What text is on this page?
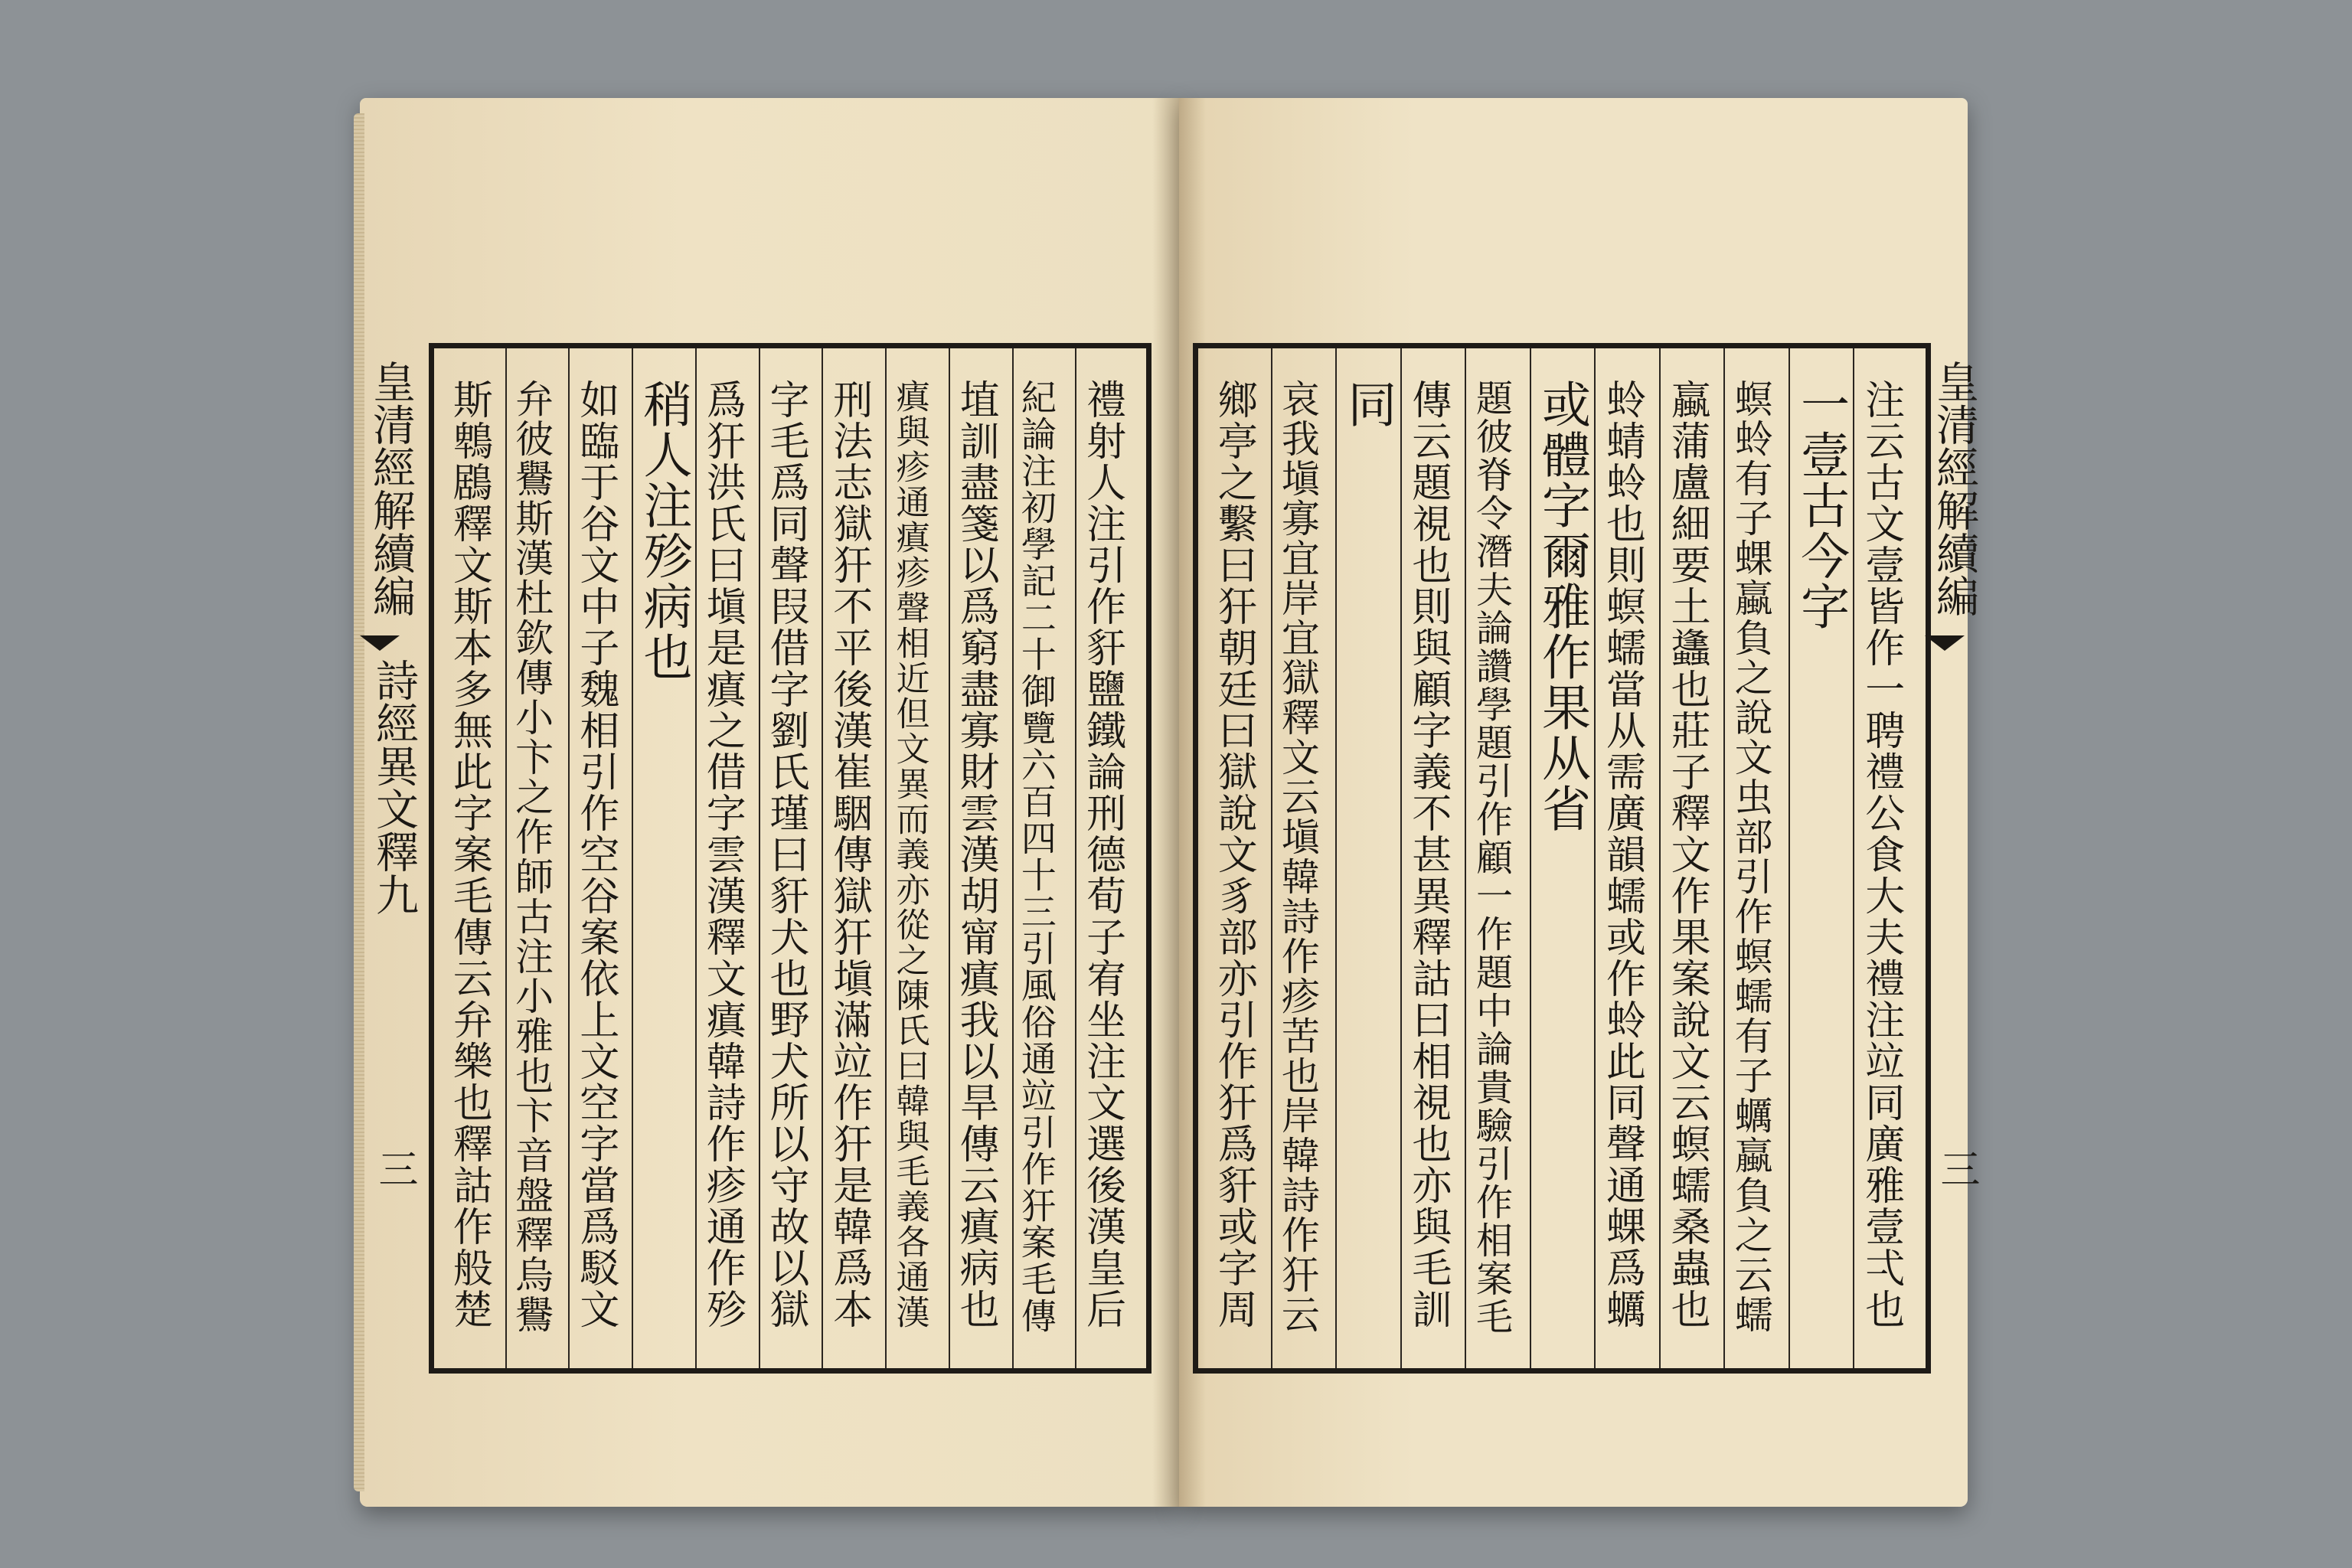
皇清經解續編
詩經異文釋九
三	禮射人注引作豻鹽鐵論刑德荀子宥坐注文選後漢皇后
紀論注初學記二十御覽六百四十三引風俗通竝引作犴案毛傳
埴訓盡箋以爲窮盡寡財雲漢胡甯瘨我以旱傳云瘨病也
瘨與疹通瘨疹聲相近但文異而義亦從之陳氏曰韓與毛義各通漢
刑法志獄犴不平後漢崔駰傳獄犴塡滿竝作犴是韓爲本
字毛爲同聲叚借字劉氏瑾曰豻犬也野犬所以守故以獄
爲犴洪氏曰塡是瘨之借字雲漢釋文瘨韓詩作疹通作殄
稍人注殄病也
如臨于谷文中子魏相引作空谷案依上文空字當爲駁文
弁彼鸒斯漢杜欽傳小卞之作師古注小雅也卞音盤釋烏鸒
斯鵯鶋釋文斯本多無此字案毛傳云弁樂也釋詁作般楚	皇清經解續編
三
注云古文壹皆作一聘禮公食大夫禮注竝同廣雅壹弌也
一壹古今字
螟蛉有子蜾蠃負之說文虫部引作螟蠕有子蠣蠃負之云蠕
蠃蒲盧細要土蠭也莊子釋文作果案說文云螟蠕桑蟲也
蛉蜻蛉也則螟蠕當从需廣韻蠕或作蛉此同聲通蜾爲蠣
或體字爾雅作果从省
題彼脊令潛夫論讚學題引作顧一作題中論貴驗引作相案毛
傳云題視也則與顧字義不甚異釋詁曰相視也亦與毛訓
同
哀我塡寡宜岸宜獄釋文云塡韓詩作疹苦也岸韓詩作犴云
鄉亭之繫曰犴朝廷曰獄說文豸部亦引作犴爲豻或字周
